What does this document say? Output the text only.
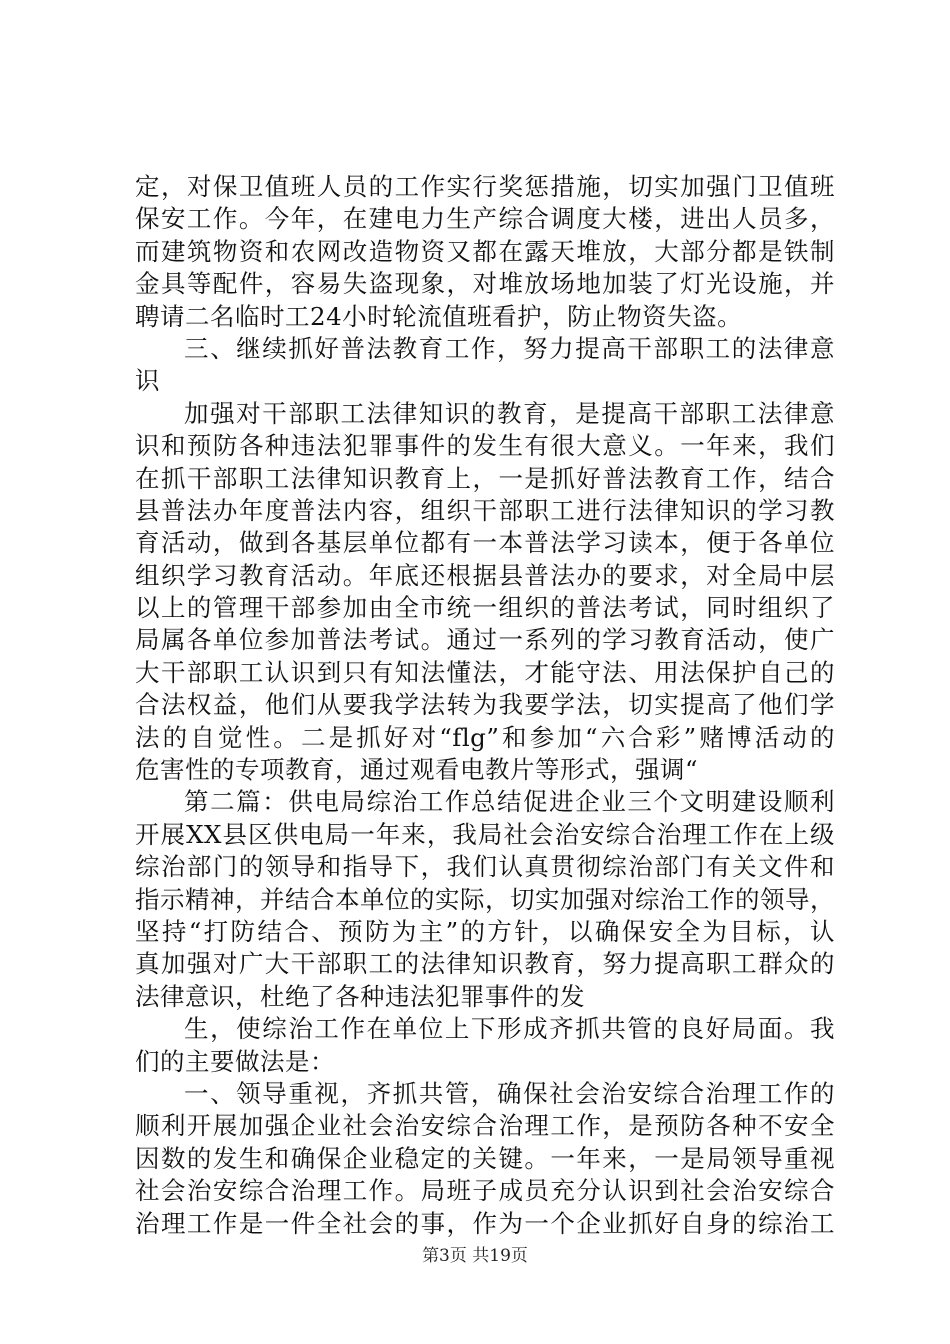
定，对保卫值班人员的工作实行奖惩措施，切实加强门卫值班
保安工作。今年，在建电力生产综合调度大楼，进出人员多，
而建筑物资和农网改造物资又都在露天堆放，大部分都是铁制
金具等配件，容易失盗现象，对堆放场地加装了灯光设施，并
聘请二名临时工24小时轮流值班看护，防止物资失盗。
三、继续抓好普法教育工作，努力提高干部职工的法律意
识
加强对干部职工法律知识的教育，是提高干部职工法律意
识和预防各种违法犯罪事件的发生有很大意义。一年来，我们
在抓干部职工法律知识教育上，一是抓好普法教育工作，结合
县普法办年度普法内容，组织干部职工进行法律知识的学习教
育活动，做到各基层单位都有一本普法学习读本，便于各单位
组织学习教育活动。年底还根据县普法办的要求，对全局中层
以上的管理干部参加由全市统一组织的普法考试，同时组织了
局属各单位参加普法考试。通过一系列的学习教育活动，使广
大干部职工认识到只有知法懂法，才能守法、用法保护自己的
合法权益，他们从要我学法转为我要学法，切实提高了他们学
法的自觉性。二是抓好对“flg”和参加“六合彩”赌博活动的
危害性的专项教育，通过观看电教片等形式，强调“
第二篇：供电局综治工作总结促进企业三个文明建设顺利
开展XX县区供电局一年来，我局社会治安综合治理工作在上级
综治部门的领导和指导下，我们认真贯彻综治部门有关文件和
指示精神，并结合本单位的实际，切实加强对综治工作的领导，
坚持“打防结合、预防为主”的方针，以确保安全为目标，认
真加强对广大干部职工的法律知识教育，努力提高职工群众的
法律意识，杜绝了各种违法犯罪事件的发
生，使综治工作在单位上下形成齐抓共管的良好局面。我
们的主要做法是：
一、领导重视，齐抓共管，确保社会治安综合治理工作的
顺利开展加强企业社会治安综合治理工作，是预防各种不安全
因数的发生和确保企业稳定的关键。一年来，一是局领导重视
社会治安综合治理工作。局班子成员充分认识到社会治安综合
治理工作是一件全社会的事，作为一个企业抓好自身的综治工
第3页 共19页
